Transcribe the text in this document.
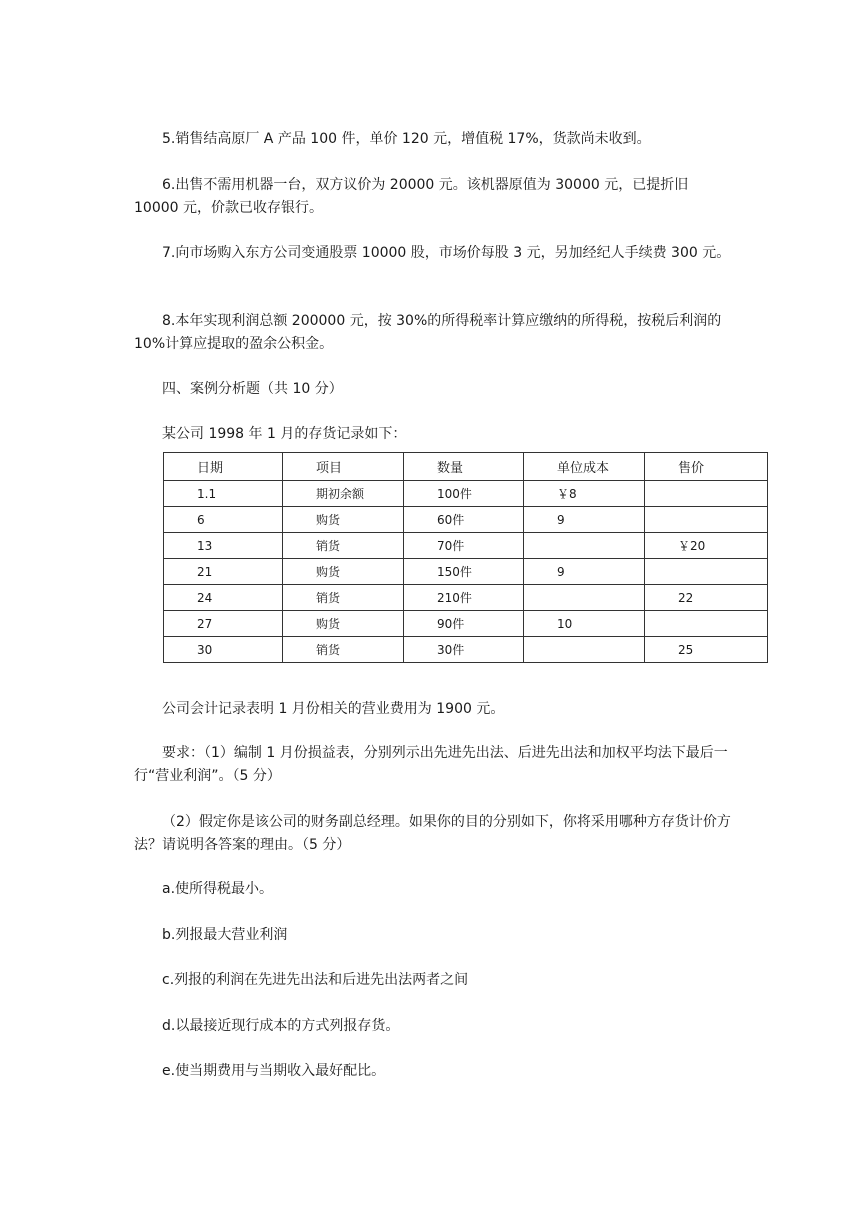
5.销售结高原厂 A 产品 100 件，单价 120 元，增值税 17%，货款尚未收到。

6.出售不需用机器一台，双方议价为 20000 元。该机器原值为 30000 元，已提折旧 10000 元，价款已收存银行。

7.向市场购入东方公司变通股票 10000 股，市场价每股 3 元，另加经纪人手续费 300 元。

8.本年实现利润总额 200000 元，按 30%的所得税率计算应缴纳的所得税，按税后利润的 10%计算应提取的盈余公积金。

四、案例分析题（共 10 分）

某公司 1998 年 1 月的存货记录如下：

日期	项目	数量	单位成本	售价
1.1	期初余额	100件	￥8	
6	购货	60件	9	
13	销货	70件		￥20
21	购货	150件	9	
24	销货	210件		22
27	购货	90件	10	
30	销货	30件		25

公司会计记录表明 1 月份相关的营业费用为 1900 元。

要求：（1）编制 1 月份损益表，分别列示出先进先出法、后进先出法和加权平均法下最后一行“营业利润”。（5 分）

（2）假定你是该公司的财务副总经理。如果你的目的分别如下，你将采用哪种方存货计价方法？请说明各答案的理由。（5 分）

a.使所得税最小。

b.列报最大营业利润

c.列报的利润在先进先出法和后进先出法两者之间

d.以最接近现行成本的方式列报存货。

e.使当期费用与当期收入最好配比。
